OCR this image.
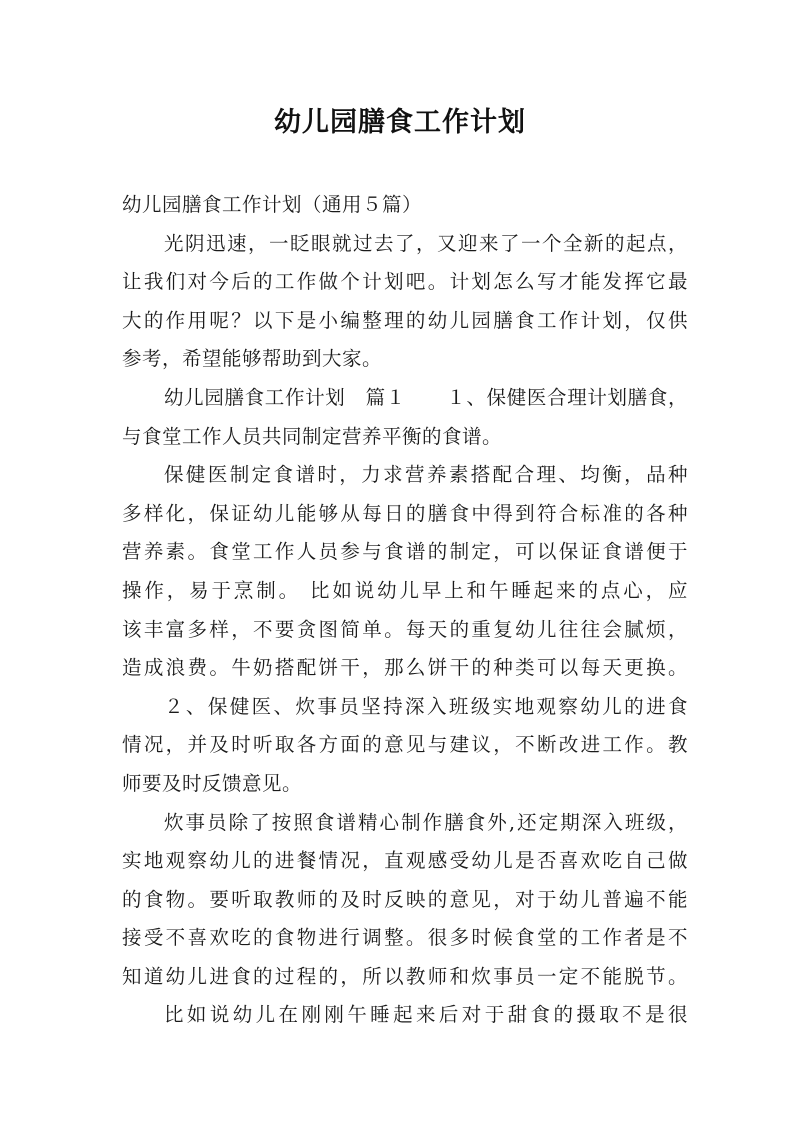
幼儿园膳食工作计划
幼儿园膳食工作计划（通用５篇）
光阴迅速，一眨眼就过去了，又迎来了一个全新的起点，
让我们对今后的工作做个计划吧。计划怎么写才能发挥它最
大的作用呢？以下是小编整理的幼儿园膳食工作计划，仅供
参考，希望能够帮助到大家。
幼儿园膳食工作计划　篇１　　１、保健医合理计划膳食，
与食堂工作人员共同制定营养平衡的食谱。
保健医制定食谱时，力求营养素搭配合理、均衡，品种
多样化，保证幼儿能够从每日的膳食中得到符合标准的各种
营养素。食堂工作人员参与食谱的制定，可以保证食谱便于
操作，易于烹制。 比如说幼儿早上和午睡起来的点心，应
该丰富多样，不要贪图简单。每天的重复幼儿往往会腻烦，
造成浪费。牛奶搭配饼干，那么饼干的种类可以每天更换。
２、保健医、炊事员坚持深入班级实地观察幼儿的进食
情况，并及时听取各方面的意见与建议，不断改进工作。教
师要及时反馈意见。
炊事员除了按照食谱精心制作膳食外,还定期深入班级，
实地观察幼儿的进餐情况，直观感受幼儿是否喜欢吃自己做
的食物。要听取教师的及时反映的意见，对于幼儿普遍不能
接受不喜欢吃的食物进行调整。很多时候食堂的工作者是不
知道幼儿进食的过程的，所以教师和炊事员一定不能脱节。
比如说幼儿在刚刚午睡起来后对于甜食的摄取不是很
